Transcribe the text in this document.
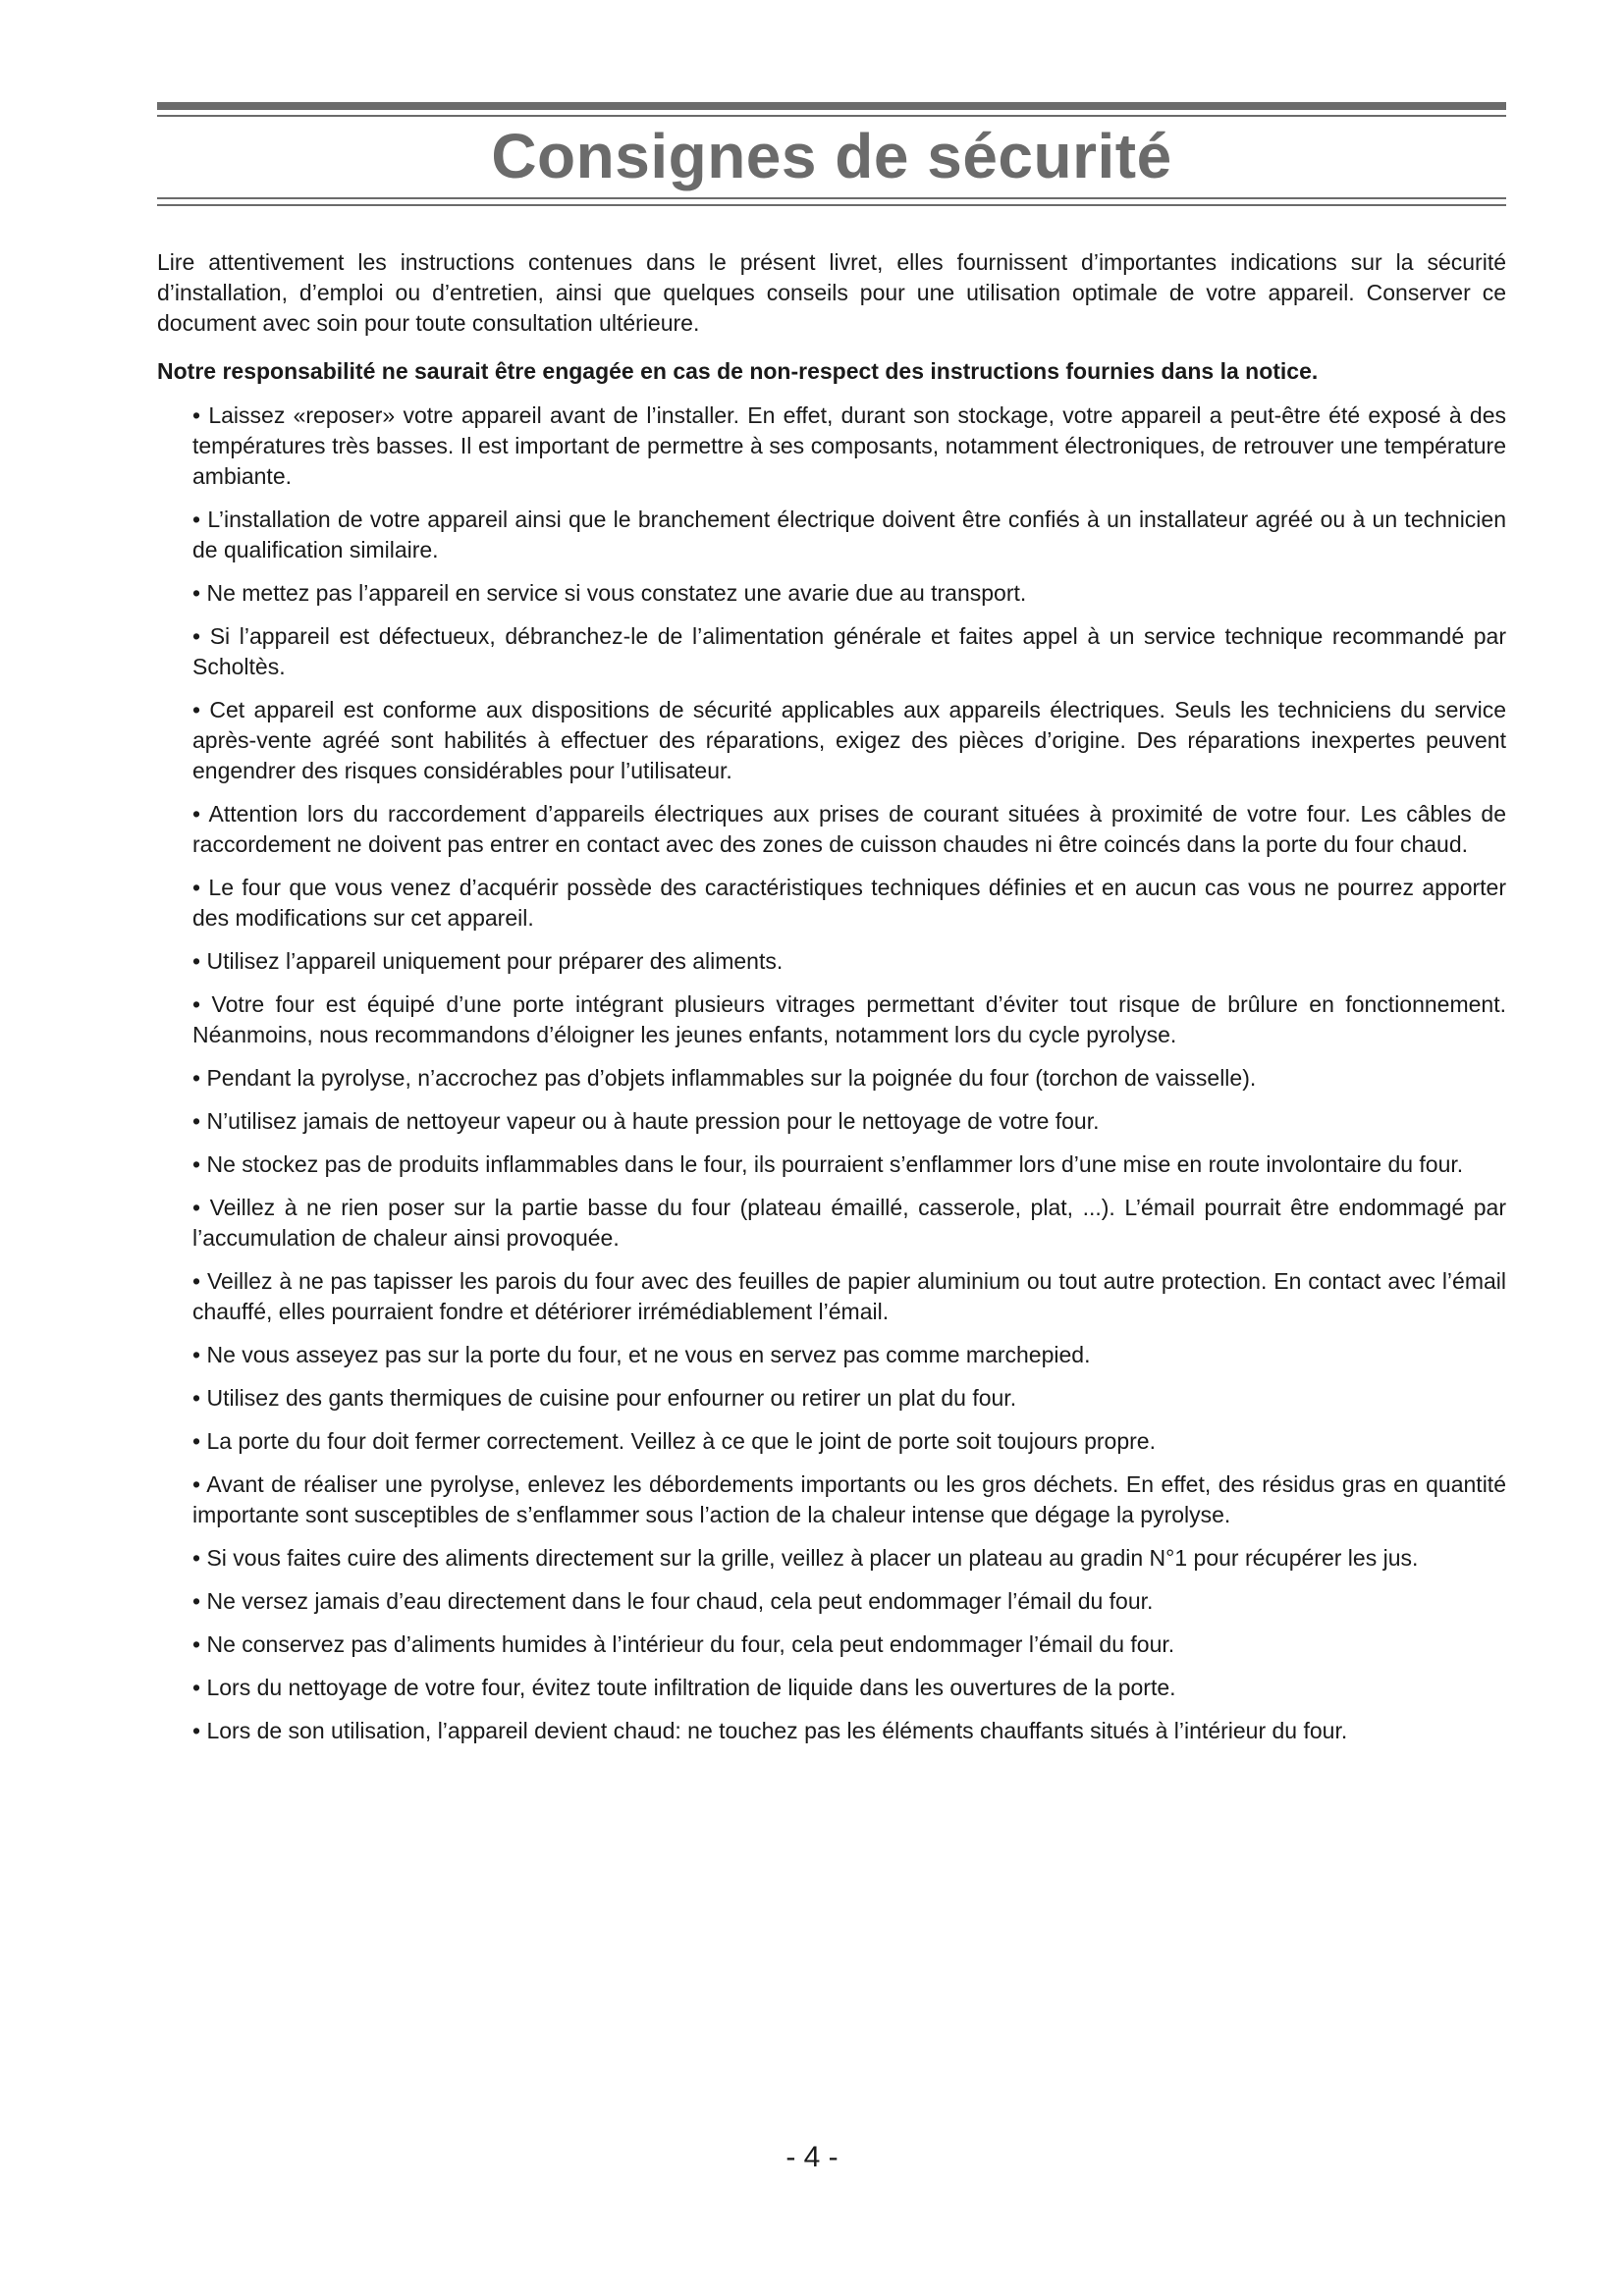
Consignes de sécurité

Lire attentivement les instructions contenues dans le présent livret, elles fournissent d’importantes indications sur la sécurité d’installation, d’emploi ou d’entretien, ainsi que quelques conseils pour une utilisation optimale de votre appareil. Conserver ce document avec soin pour toute consultation ultérieure.

Notre responsabilité ne saurait être engagée en cas de non-respect des instructions fournies dans la notice.

• Laissez «reposer» votre appareil avant de l’installer. En effet, durant son stockage, votre appareil a peut-être été exposé à des températures très basses. Il est important de permettre à ses composants, notamment électroniques, de retrouver une température ambiante.
• L’installation de votre appareil ainsi que le branchement électrique doivent être confiés à un installateur agréé ou à un technicien de qualification similaire.
• Ne mettez pas l’appareil en service si vous constatez une avarie due au transport.
• Si l’appareil est défectueux, débranchez-le de l’alimentation générale et faites appel à un service technique recommandé par Scholtès.
• Cet appareil est conforme aux dispositions de sécurité applicables aux appareils électriques. Seuls les techniciens du service après-vente agréé sont habilités à effectuer des réparations, exigez des pièces d’origine. Des réparations inexpertes peuvent engendrer des risques considérables pour l’utilisateur.
• Attention lors du raccordement d’appareils électriques aux prises de courant situées à proximité de votre four. Les câbles de raccordement ne doivent pas entrer en contact avec des zones de cuisson chaudes ni être coincés dans la porte du four chaud.
• Le four que vous venez d’acquérir possède des caractéristiques techniques définies et en aucun cas vous ne pourrez apporter des modifications sur cet appareil.
• Utilisez l’appareil uniquement pour préparer des aliments.
• Votre four est équipé d’une porte intégrant plusieurs vitrages permettant d’éviter tout risque de brûlure en fonctionnement. Néanmoins, nous recommandons d’éloigner les jeunes enfants, notamment lors du cycle pyrolyse.
• Pendant la pyrolyse, n’accrochez pas d’objets inflammables sur la poignée du four (torchon de vaisselle).
• N’utilisez jamais de nettoyeur vapeur ou à haute pression pour le nettoyage de votre four.
• Ne stockez pas de produits inflammables dans le four, ils pourraient s’enflammer lors d’une mise en route involontaire du four.
• Veillez à ne rien poser sur la partie basse du four (plateau émaillé, casserole, plat, ...). L’émail pourrait être endommagé par l’accumulation de chaleur ainsi provoquée.
• Veillez à ne pas tapisser les parois du four avec des feuilles de papier aluminium ou tout autre protection. En contact avec l’émail chauffé, elles pourraient fondre et détériorer irrémédiablement l’émail.
• Ne vous asseyez pas sur la porte du four, et ne vous en servez pas comme marchepied.
• Utilisez des gants thermiques de cuisine pour enfourner ou retirer un plat du four.
• La porte du four doit fermer correctement. Veillez à ce que le joint de porte soit toujours propre.
• Avant de réaliser une pyrolyse, enlevez les débordements importants ou les gros déchets. En effet, des résidus gras en quantité importante sont susceptibles de s’enflammer sous l’action de la chaleur intense que dégage la pyrolyse.
• Si vous faites cuire des aliments directement sur la grille, veillez à placer un plateau au gradin N°1 pour récupérer les jus.
• Ne versez jamais d’eau directement dans le four chaud, cela peut endommager l’émail du four.
• Ne conservez pas d’aliments humides à l’intérieur du four, cela peut endommager l’émail du four.
• Lors du nettoyage de votre four, évitez toute infiltration de liquide dans les ouvertures de la porte.
• Lors de son utilisation, l’appareil devient chaud: ne touchez pas les éléments chauffants situés à l’intérieur du four.
- 4 -
